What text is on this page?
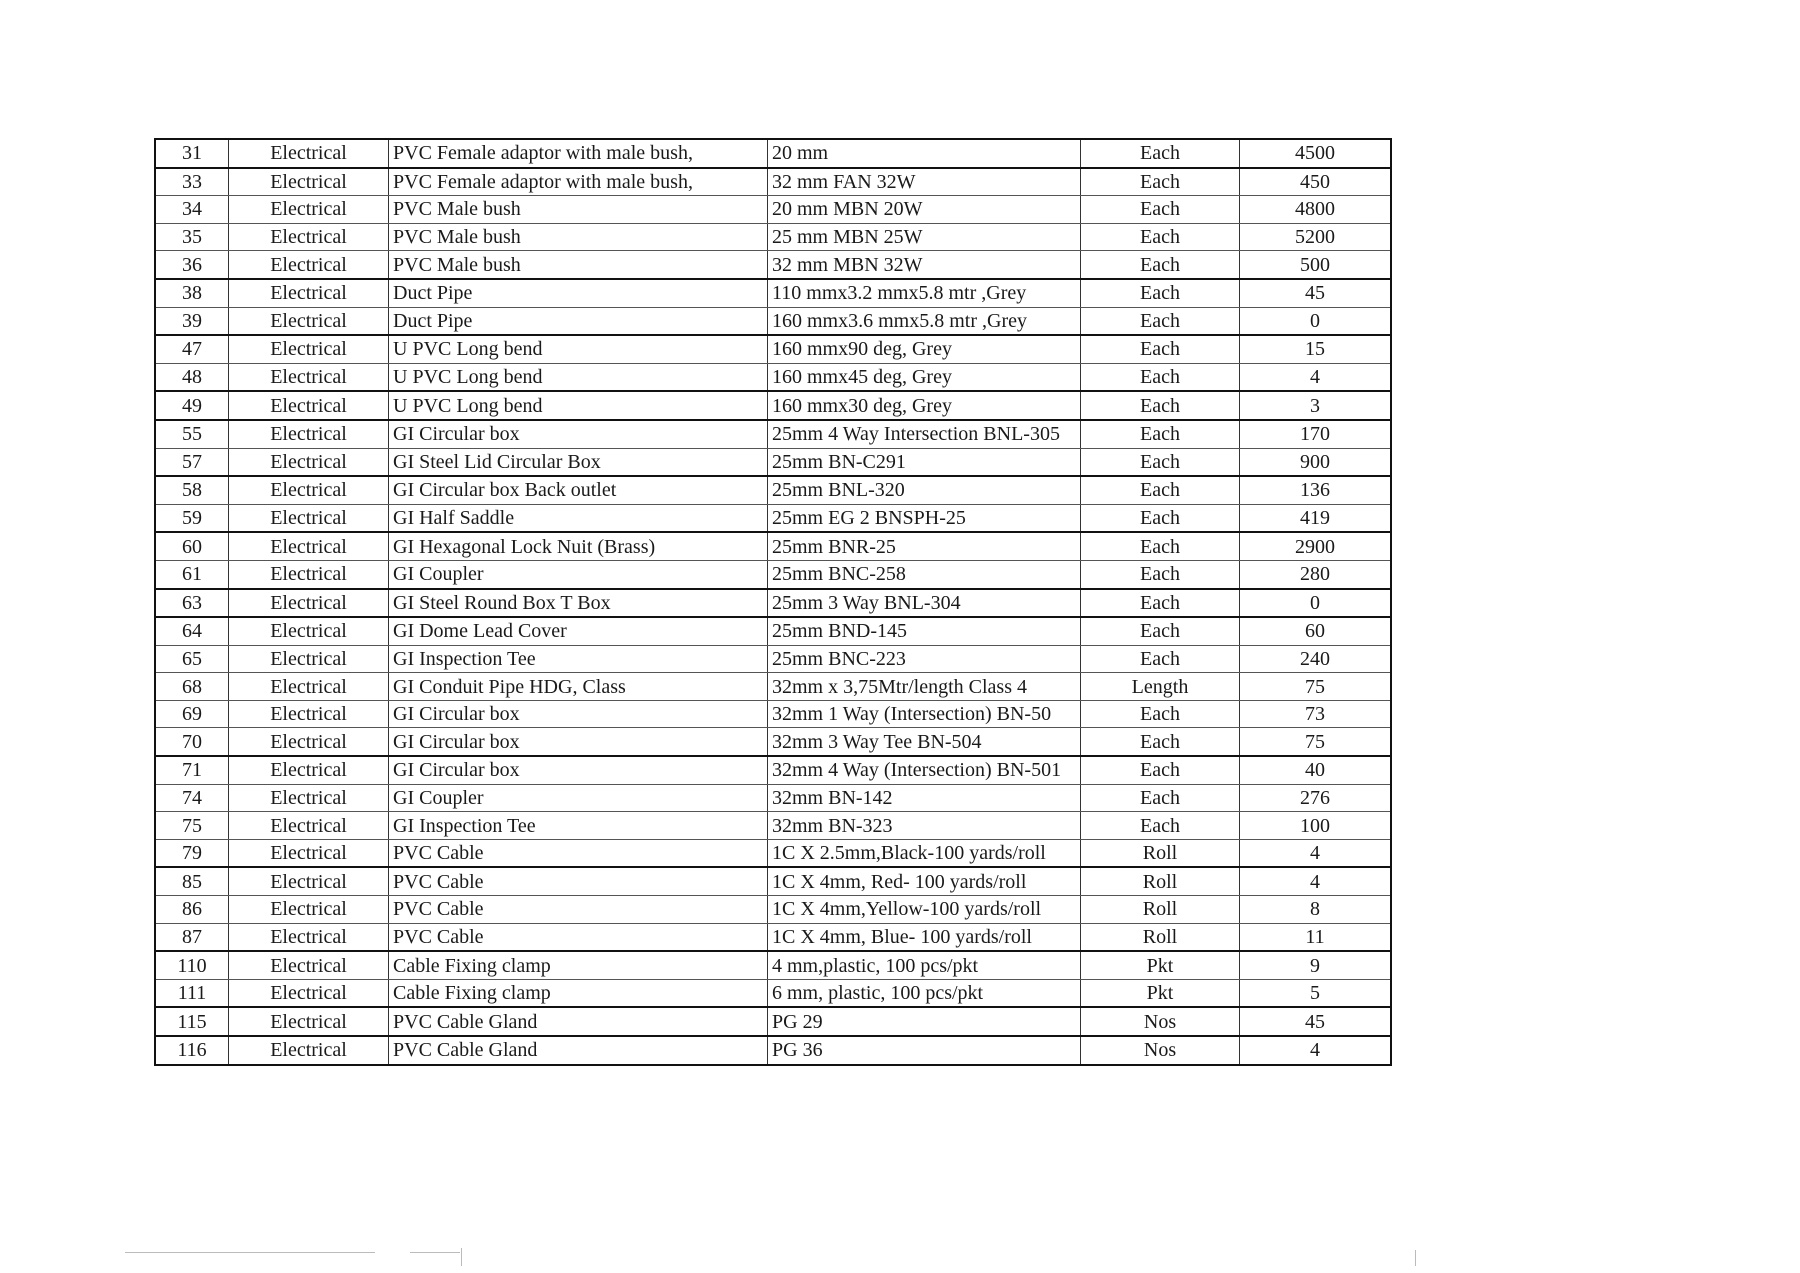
31	Electrical	PVC Female adaptor with male bush,	20 mm	Each	4500
33	Electrical	PVC Female adaptor with male bush,	32 mm FAN 32W	Each	450
34	Electrical	PVC Male bush	20 mm MBN 20W	Each	4800
35	Electrical	PVC Male bush	25 mm MBN 25W	Each	5200
36	Electrical	PVC Male bush	32 mm MBN 32W	Each	500
38	Electrical	Duct Pipe	110 mmx3.2 mmx5.8 mtr ,Grey	Each	45
39	Electrical	Duct Pipe	160 mmx3.6 mmx5.8 mtr ,Grey	Each	0
47	Electrical	U PVC Long bend	160 mmx90 deg, Grey	Each	15
48	Electrical	U PVC Long bend	160 mmx45 deg, Grey	Each	4
49	Electrical	U PVC Long bend	160 mmx30 deg, Grey	Each	3
55	Electrical	GI Circular box	25mm 4 Way Intersection BNL-305	Each	170
57	Electrical	GI Steel Lid Circular Box	25mm BN-C291	Each	900
58	Electrical	GI Circular box Back outlet	25mm BNL-320	Each	136
59	Electrical	GI Half Saddle	25mm EG 2 BNSPH-25	Each	419
60	Electrical	GI Hexagonal Lock Nuit (Brass)	25mm BNR-25	Each	2900
61	Electrical	GI Coupler	25mm BNC-258	Each	280
63	Electrical	GI Steel Round Box T Box	25mm 3 Way BNL-304	Each	0
64	Electrical	GI Dome Lead Cover	25mm BND-145	Each	60
65	Electrical	GI Inspection Tee	25mm BNC-223	Each	240
68	Electrical	GI Conduit Pipe HDG, Class	32mm x 3,75Mtr/length Class 4	Length	75
69	Electrical	GI Circular box	32mm 1 Way (Intersection) BN-50	Each	73
70	Electrical	GI Circular box	32mm 3 Way Tee BN-504	Each	75
71	Electrical	GI Circular box	32mm 4 Way (Intersection) BN-501	Each	40
74	Electrical	GI Coupler	32mm BN-142	Each	276
75	Electrical	GI Inspection Tee	32mm BN-323	Each	100
79	Electrical	PVC Cable	1C X 2.5mm,Black-100 yards/roll	Roll	4
85	Electrical	PVC Cable	1C X 4mm, Red- 100 yards/roll	Roll	4
86	Electrical	PVC Cable	1C X 4mm,Yellow-100 yards/roll	Roll	8
87	Electrical	PVC Cable	1C X 4mm, Blue- 100 yards/roll	Roll	11
110	Electrical	Cable Fixing clamp	4 mm,plastic, 100 pcs/pkt	Pkt	9
111	Electrical	Cable Fixing clamp	6 mm, plastic, 100 pcs/pkt	Pkt	5
115	Electrical	PVC Cable Gland	PG 29	Nos	45
116	Electrical	PVC Cable Gland	PG 36	Nos	4
